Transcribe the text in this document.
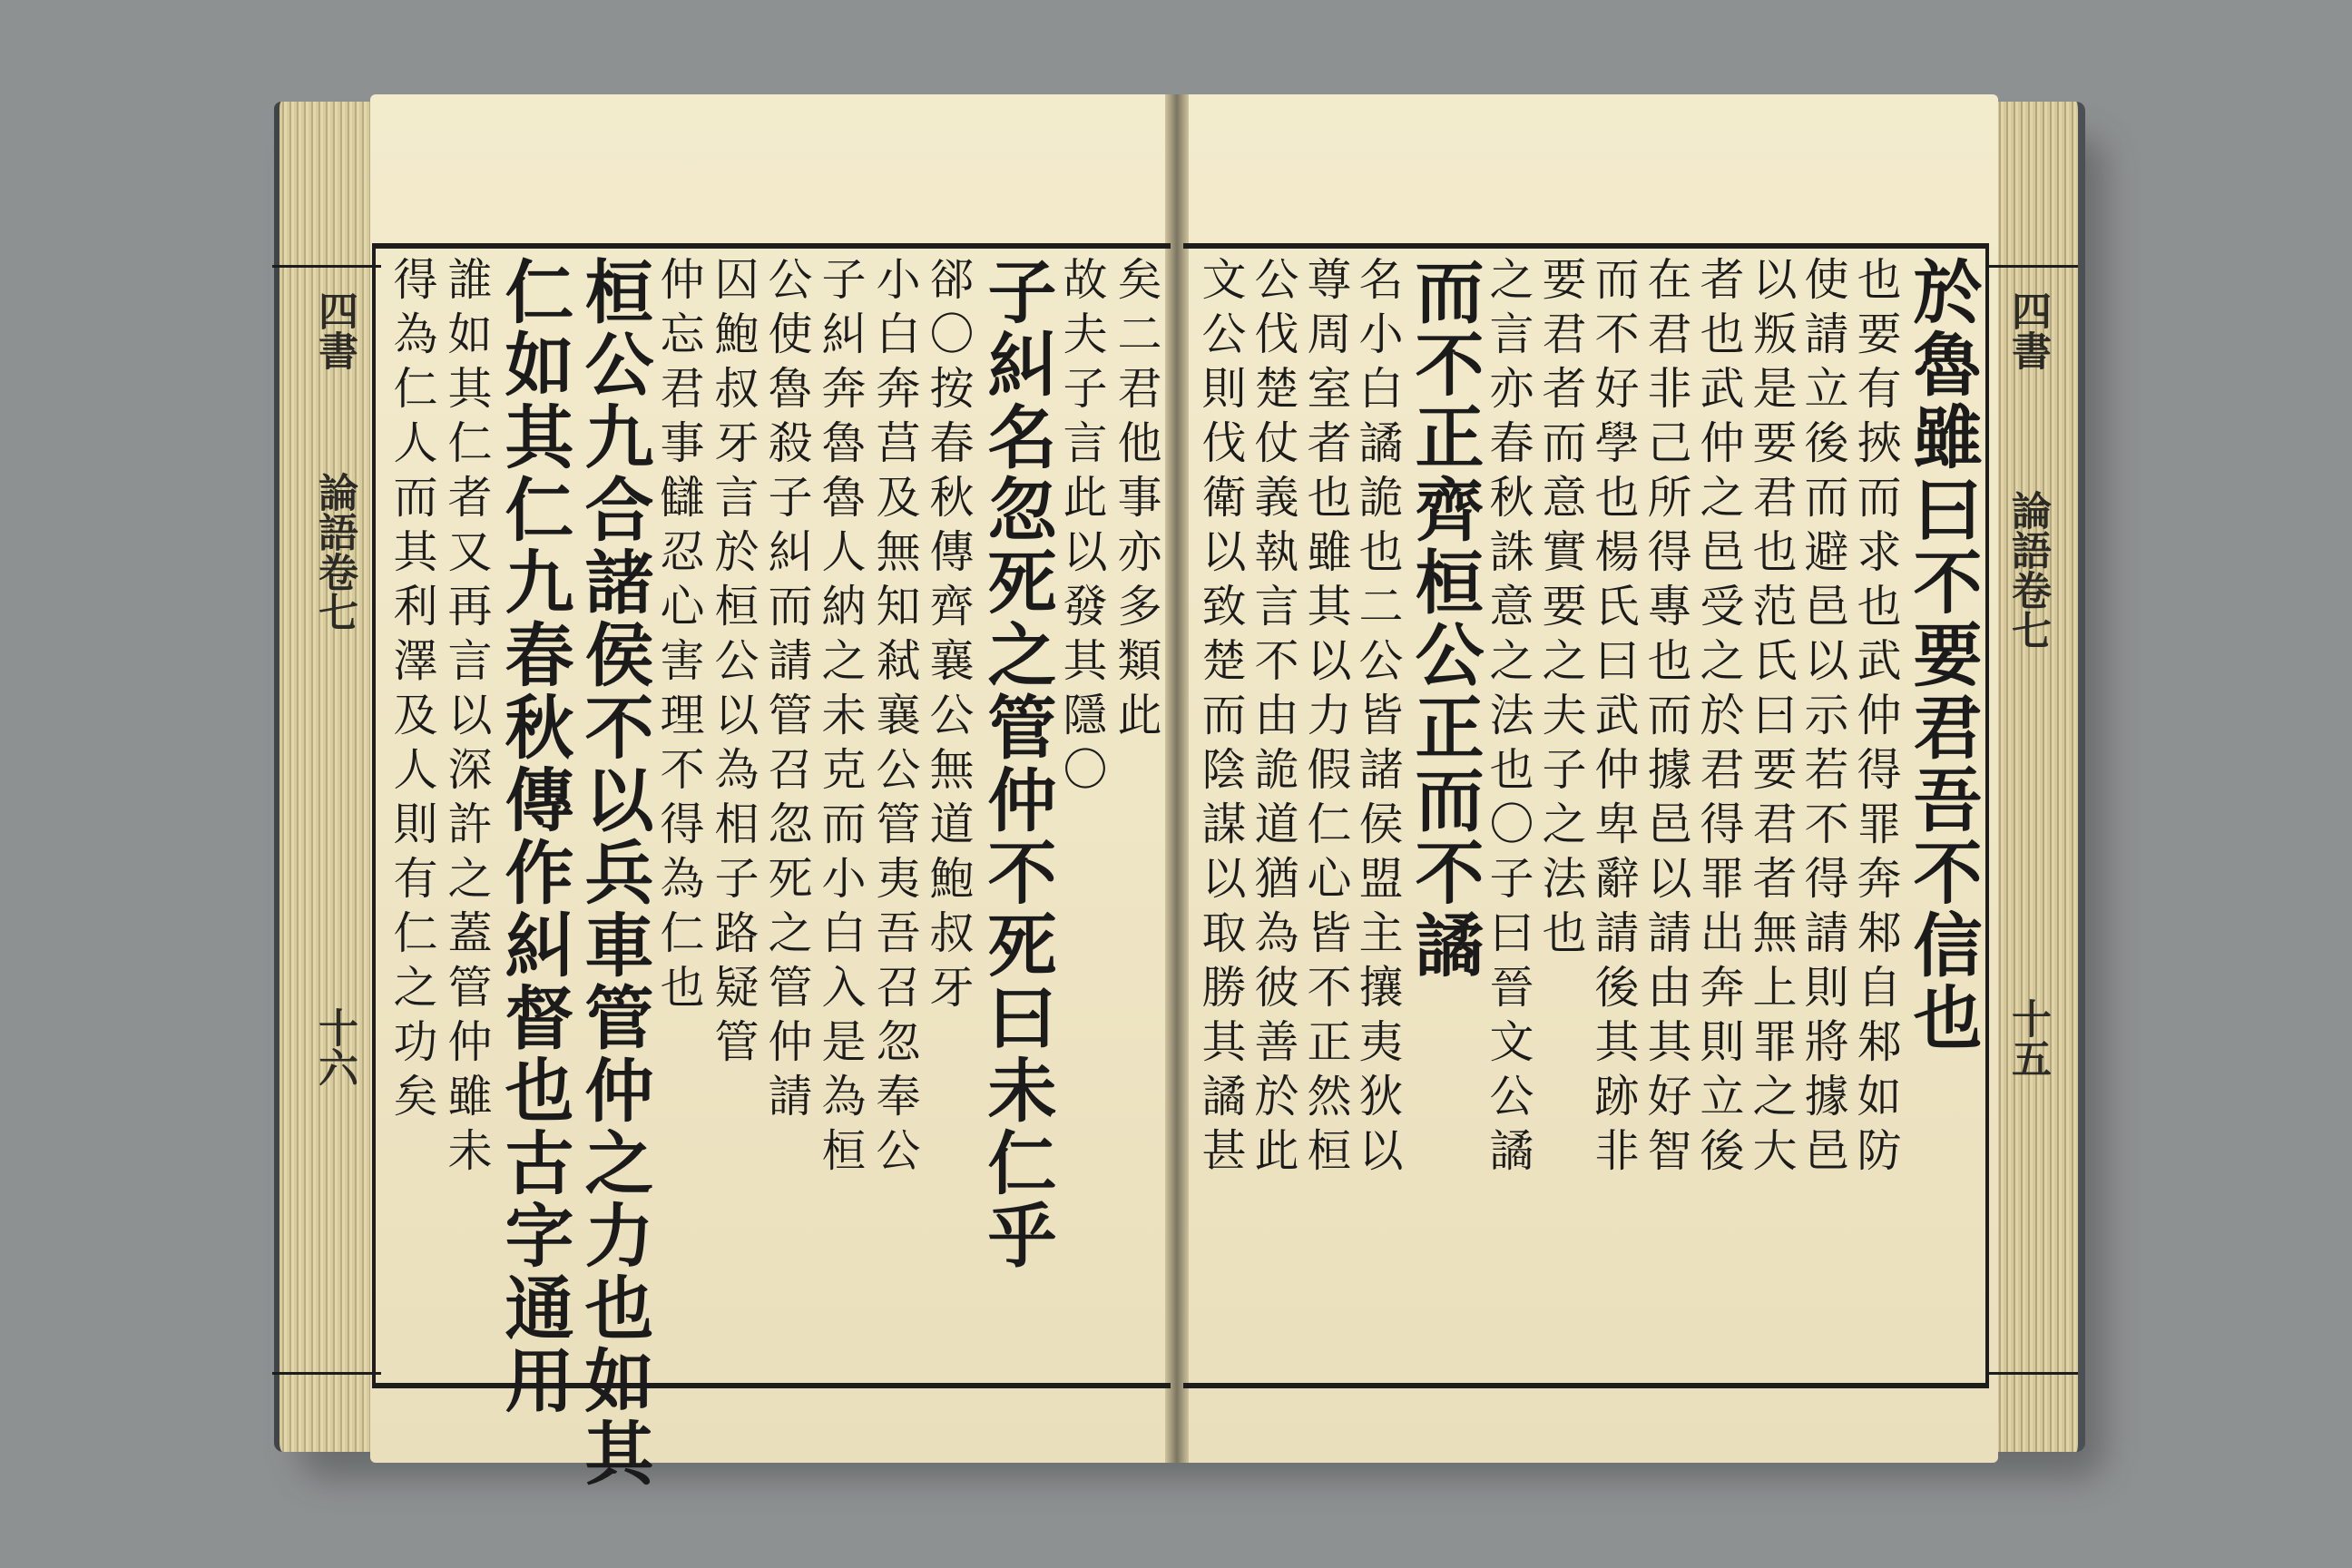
四書
論語卷七
十六
四書
論語卷七
十五
矣二君他事亦多類此
故夫子言此以發其隱〇
子糾名忽死之管仲不死曰未仁乎
郤〇按春秋傳齊襄公無道鮑叔牙
小白奔莒及無知弒襄公管夷吾召忽奉公
子糾奔魯魯人納之未克而小白入是為桓
公使魯殺子糾而請管召忽死之管仲請
囚鮑叔牙言於桓公以為相子路疑管
仲忘君事讎忍心害理不得為仁也
桓公九合諸侯不以兵車管仲之力也如其
仁如其仁九春秋傳作糾督也古字通用
誰如其仁者又再言以深許之蓋管仲雖未
得為仁人而其利澤及人則有仁之功矣	於魯雖曰不要君吾不信也
也要有挾而求也武仲得罪奔邾自邾如防
使請立後而避邑以示若不得請則將據邑
以叛是要君也范氏曰要君者無上罪之大
者也武仲之邑受之於君得罪出奔則立後
在君非己所得專也而據邑以請由其好智
而不好學也楊氏曰武仲卑辭請後其跡非
要君者而意實要之夫子之法也
之言亦春秋誅意之法也〇子曰晉文公譎
而不正齊桓公正而不譎
名小白譎詭也二公皆諸侯盟主攘夷狄以
尊周室者也雖其以力假仁心皆不正然桓
公伐楚仗義執言不由詭道猶為彼善於此
文公則伐衛以致楚而陰謀以取勝其譎甚
